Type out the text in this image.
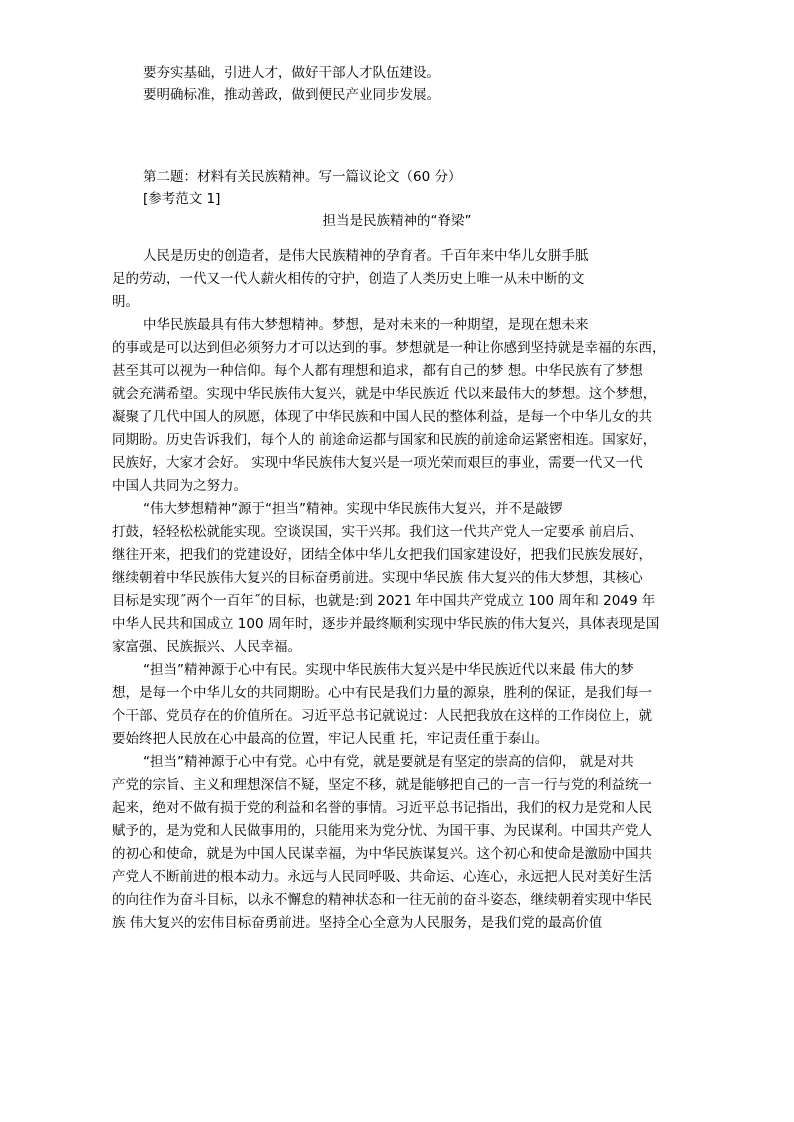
要夯实基础，引进人才，做好干部人才队伍建设。
要明确标准，推动善政，做到便民产业同步发展。
第二题：材料有关民族精神。写一篇议论文（60 分）
[参考范文 1]
担当是民族精神的“脊梁”
人民是历史的创造者，是伟大民族精神的孕育者。千百年来中华儿女胼手胝
足的劳动，一代又一代人薪火相传的守护，创造了人类历史上唯一从未中断的文
明。
中华民族最具有伟大梦想精神。梦想，是对未来的一种期望，是现在想未来
的事或是可以达到但必须努力才可以达到的事。梦想就是一种让你感到坚持就是幸福的东西，
甚至其可以视为一种信仰。每个人都有理想和追求，都有自己的梦 想。中华民族有了梦想
就会充满希望。实现中华民族伟大复兴，就是中华民族近 代以来最伟大的梦想。这个梦想，
凝聚了几代中国人的夙愿，体现了中华民族和中国人民的整体利益，是每一个中华儿女的共
同期盼。历史告诉我们，每个人的 前途命运都与国家和民族的前途命运紧密相连。国家好，
民族好，大家才会好。 实现中华民族伟大复兴是一项光荣而艰巨的事业，需要一代又一代
中国人共同为之努力。
“伟大梦想精神”源于“担当”精神。实现中华民族伟大复兴，并不是敲锣
打鼓，轻轻松松就能实现。空谈误国，实干兴邦。我们这一代共产党人一定要承 前启后、
继往开来，把我们的党建设好，团结全体中华儿女把我们国家建设好，把我们民族发展好，
继续朝着中华民族伟大复兴的目标奋勇前进。实现中华民族 伟大复兴的伟大梦想，其核心
目标是实现˝两个一百年˝的目标，也就是:到 2021 年中国共产党成立 100 周年和 2049 年
中华人民共和国成立 100 周年时，逐步并最终顺利实现中华民族的伟大复兴，具体表现是国
家富强、民族振兴、人民幸福。
“担当”精神源于心中有民。实现中华民族伟大复兴是中华民族近代以来最 伟大的梦
想，是每一个中华儿女的共同期盼。心中有民是我们力量的源泉，胜利的保证，是我们每一
个干部、党员存在的价值所在。习近平总书记就说过：人民把我放在这样的工作岗位上，就
要始终把人民放在心中最高的位置，牢记人民重 托，牢记责任重于泰山。
“担当”精神源于心中有党。心中有党，就是要就是有坚定的崇高的信仰， 就是对共
产党的宗旨、主义和理想深信不疑，坚定不移，就是能够把自己的一言一行与党的利益统一
起来，绝对不做有损于党的利益和名誉的事情。习近平总书记指出，我们的权力是党和人民
赋予的，是为党和人民做事用的，只能用来为党分忧、为国干事、为民谋利。中国共产党人
的初心和使命，就是为中国人民谋幸福，为中华民族谋复兴。这个初心和使命是激励中国共
产党人不断前进的根本动力。永远与人民同呼吸、共命运、心连心，永远把人民对美好生活
的向往作为奋斗目标，以永不懈怠的精神状态和一往无前的奋斗姿态，继续朝着实现中华民
族 伟大复兴的宏伟目标奋勇前进。坚持全心全意为人民服务，是我们党的最高价值
